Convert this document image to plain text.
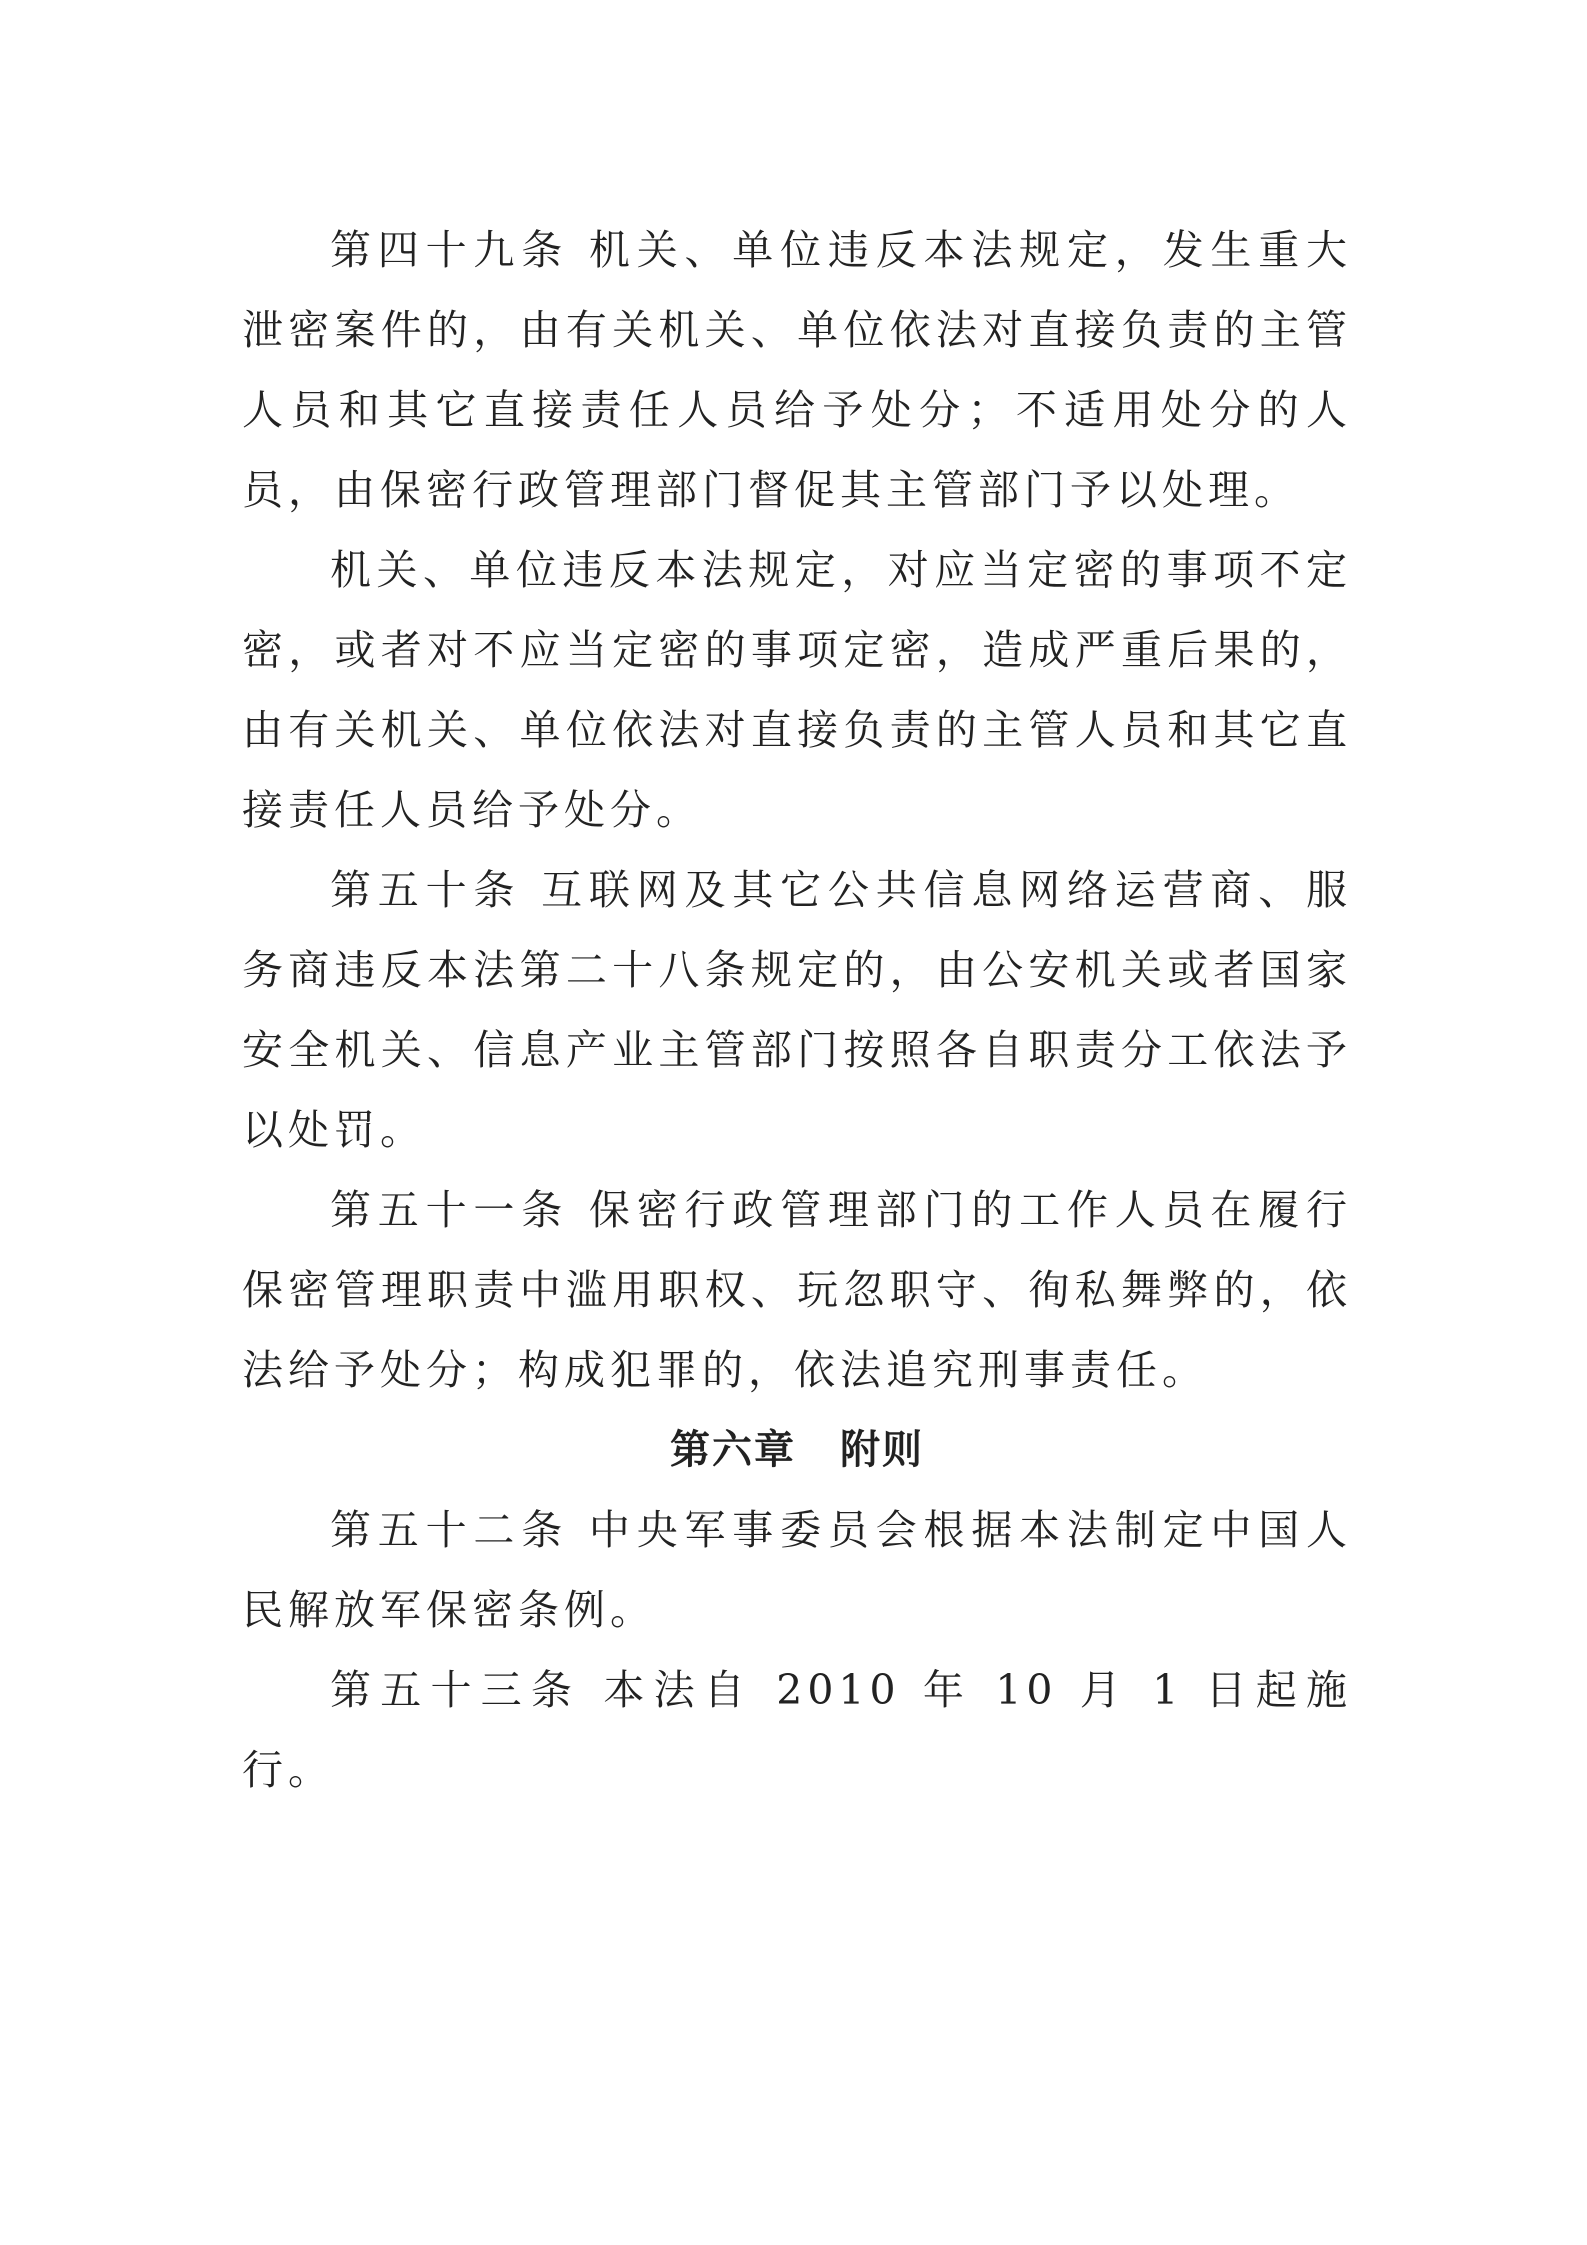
第四十九条 机关、单位违反本法规定，发生重大泄密案件的，由有关机关、单位依法对直接负责的主管人员和其它直接责任人员给予处分；不适用处分的人员，由保密行政管理部门督促其主管部门予以处理。

机关、单位违反本法规定，对应当定密的事项不定密，或者对不应当定密的事项定密，造成严重后果的，由有关机关、单位依法对直接负责的主管人员和其它直接责任人员给予处分。

第五十条 互联网及其它公共信息网络运营商、服务商违反本法第二十八条规定的，由公安机关或者国家安全机关、信息产业主管部门按照各自职责分工依法予以处罚。

第五十一条 保密行政管理部门的工作人员在履行保密管理职责中滥用职权、玩忽职守、徇私舞弊的，依法给予处分；构成犯罪的，依法追究刑事责任。

第六章 附则

第五十二条 中央军事委员会根据本法制定中国人民解放军保密条例。

第五十三条 本法自 2010 年 10 月 1 日起施行。
